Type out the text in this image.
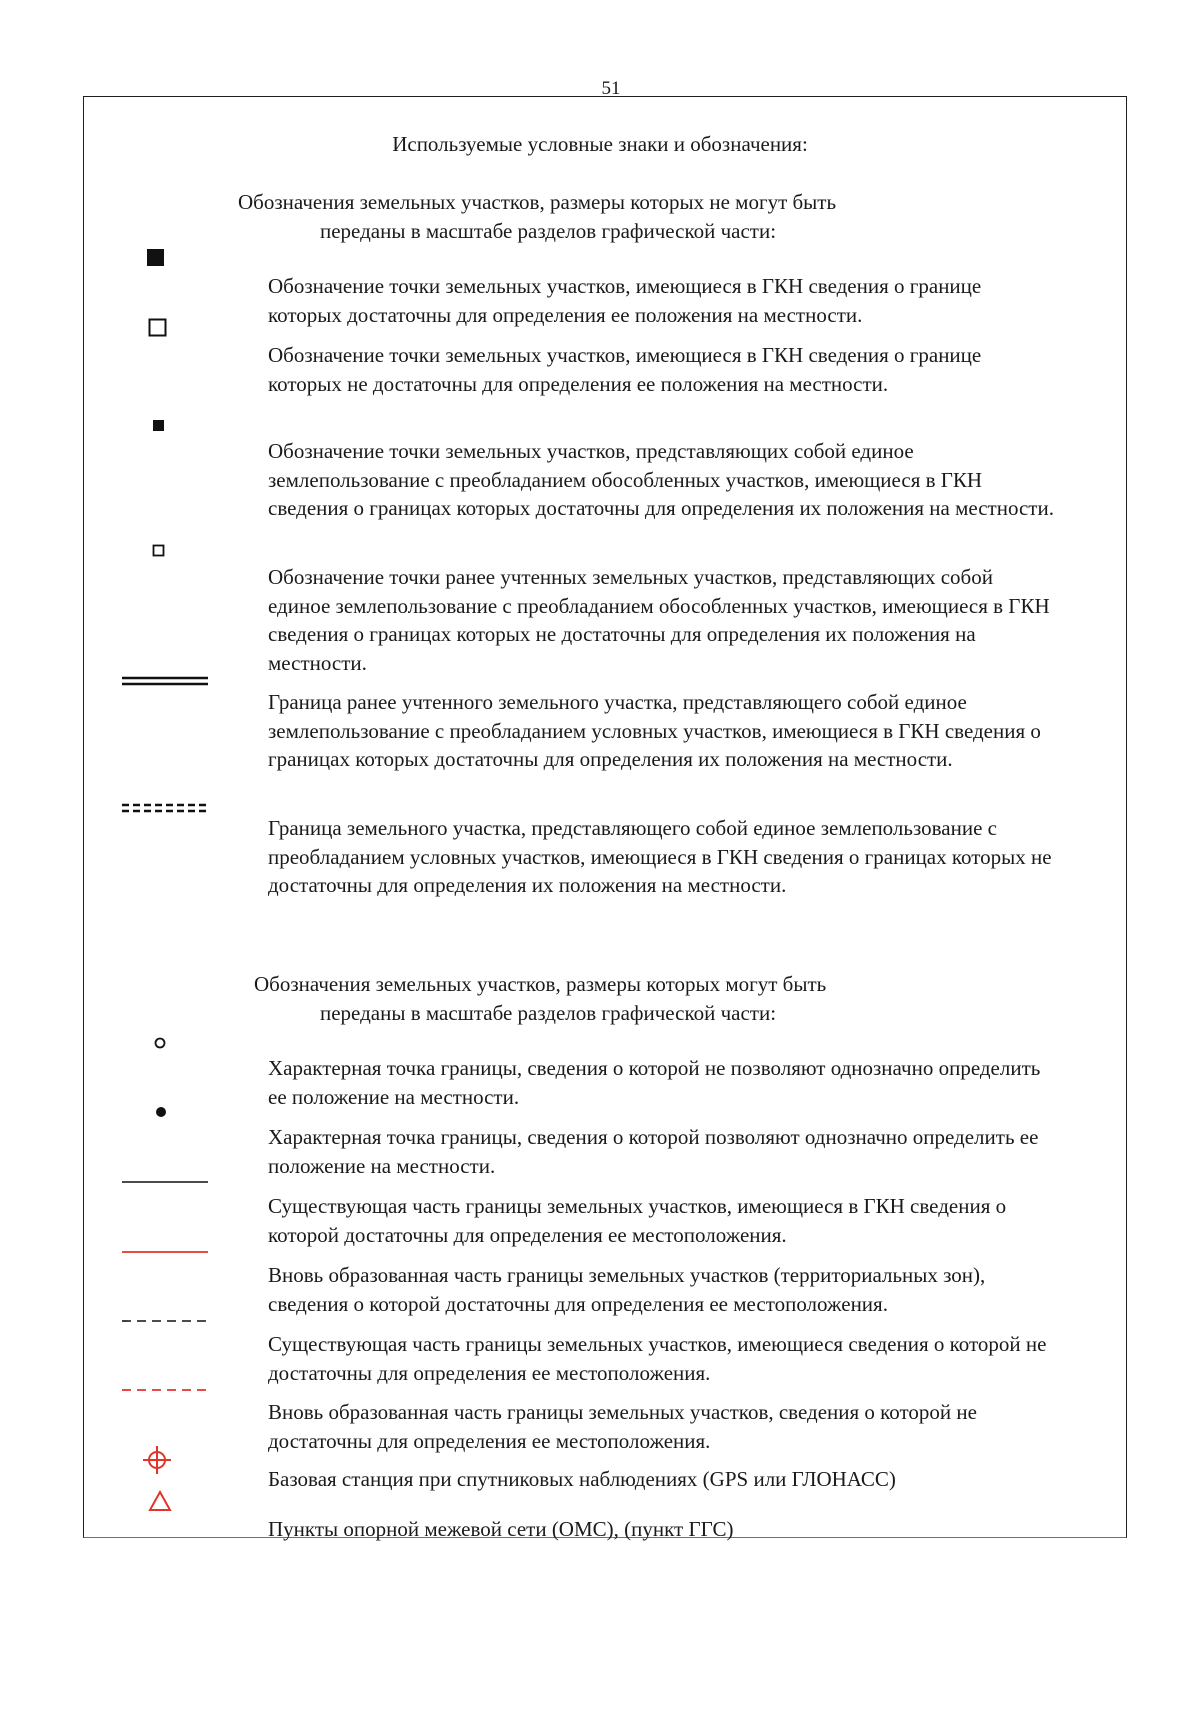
51
Используемые условные знаки и обозначения:
Обозначения земельных участков, размеры которых не могут быть
переданы в масштабе разделов графической части:

Обозначение точки земельных участков, имеющиеся в ГКН сведения о границе которых достаточны для определения ее положения на местности.

Обозначение точки земельных участков, имеющиеся в ГКН сведения о границе которых не достаточны для определения ее положения на местности.

Обозначение точки земельных участков, представляющих собой единое землепользование с преобладанием обособленных участков, имеющиеся в ГКН сведения о границах которых достаточны для определения их положения на местности.

Обозначение точки ранее учтенных земельных участков, представляющих собой единое землепользование с преобладанием обособленных участков, имеющиеся в ГКН сведения о границах которых не достаточны для определения их положения на местности.

Граница ранее учтенного земельного участка, представляющего собой единое землепользование с преобладанием условных участков, имеющиеся в ГКН сведения о границах которых достаточны для определения их положения на местности.

Граница земельного участка, представляющего собой единое землепользование с преобладанием условных участков, имеющиеся в ГКН сведения о границах которых не достаточны для определения их положения на местности.

Обозначения земельных участков, размеры которых могут быть
переданы в масштабе разделов графической части:

Характерная точка границы, сведения о которой не позволяют однозначно определить ее положение на местности.

Характерная точка границы, сведения о которой позволяют однозначно определить ее положение на местности.

Существующая часть границы земельных участков, имеющиеся в ГКН сведения о которой достаточны для определения ее местоположения.

Вновь образованная часть границы земельных участков (территориальных зон), сведения о которой достаточны для определения ее местоположения.

Существующая часть границы земельных участков, имеющиеся сведения о которой не достаточны для определения ее местоположения.

Вновь образованная часть границы земельных участков, сведения о которой не достаточны для определения ее местоположения.

Базовая станция при спутниковых наблюдениях (GPS или ГЛОНАСС)

Пункты опорной межевой сети (ОМС), (пункт ГГС)
